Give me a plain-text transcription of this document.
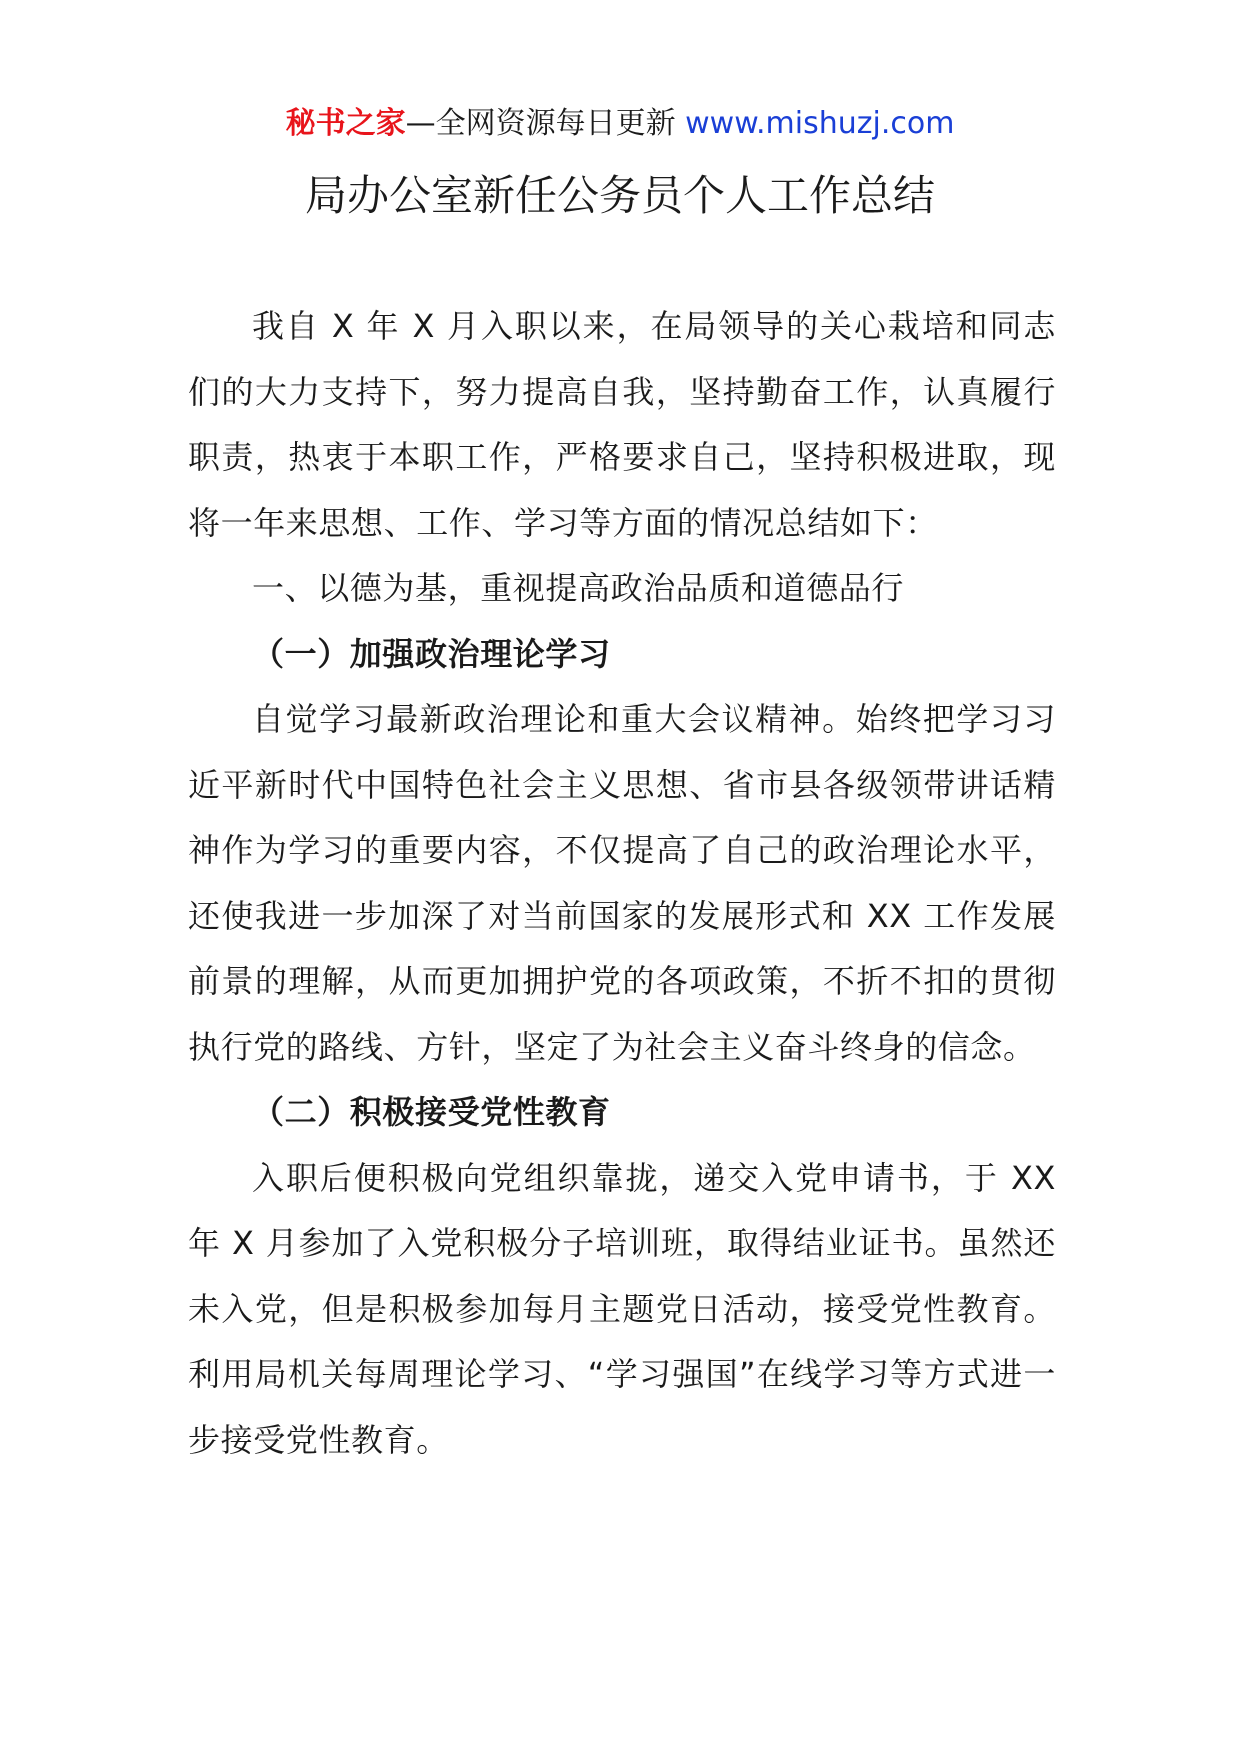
秘书之家—全网资源每日更新 www.mishuzj.com
局办公室新任公务员个人工作总结

我自 X 年 X 月入职以来，在局领导的关心栽培和同志们的大力支持下，努力提高自我，坚持勤奋工作，认真履行职责，热衷于本职工作，严格要求自己，坚持积极进取，现将一年来思想、工作、学习等方面的情况总结如下：

一、以德为基，重视提高政治品质和道德品行

（一）加强政治理论学习

自觉学习最新政治理论和重大会议精神。始终把学习习近平新时代中国特色社会主义思想、省市县各级领带讲话精神作为学习的重要内容，不仅提高了自己的政治理论水平，还使我进一步加深了对当前国家的发展形式和 XX 工作发展前景的理解，从而更加拥护党的各项政策，不折不扣的贯彻执行党的路线、方针，坚定了为社会主义奋斗终身的信念。

（二）积极接受党性教育

入职后便积极向党组织靠拢，递交入党申请书，于 XX 年 X 月参加了入党积极分子培训班，取得结业证书。虽然还未入党，但是积极参加每月主题党日活动，接受党性教育。利用局机关每周理论学习、“学习强国”在线学习等方式进一步接受党性教育。
